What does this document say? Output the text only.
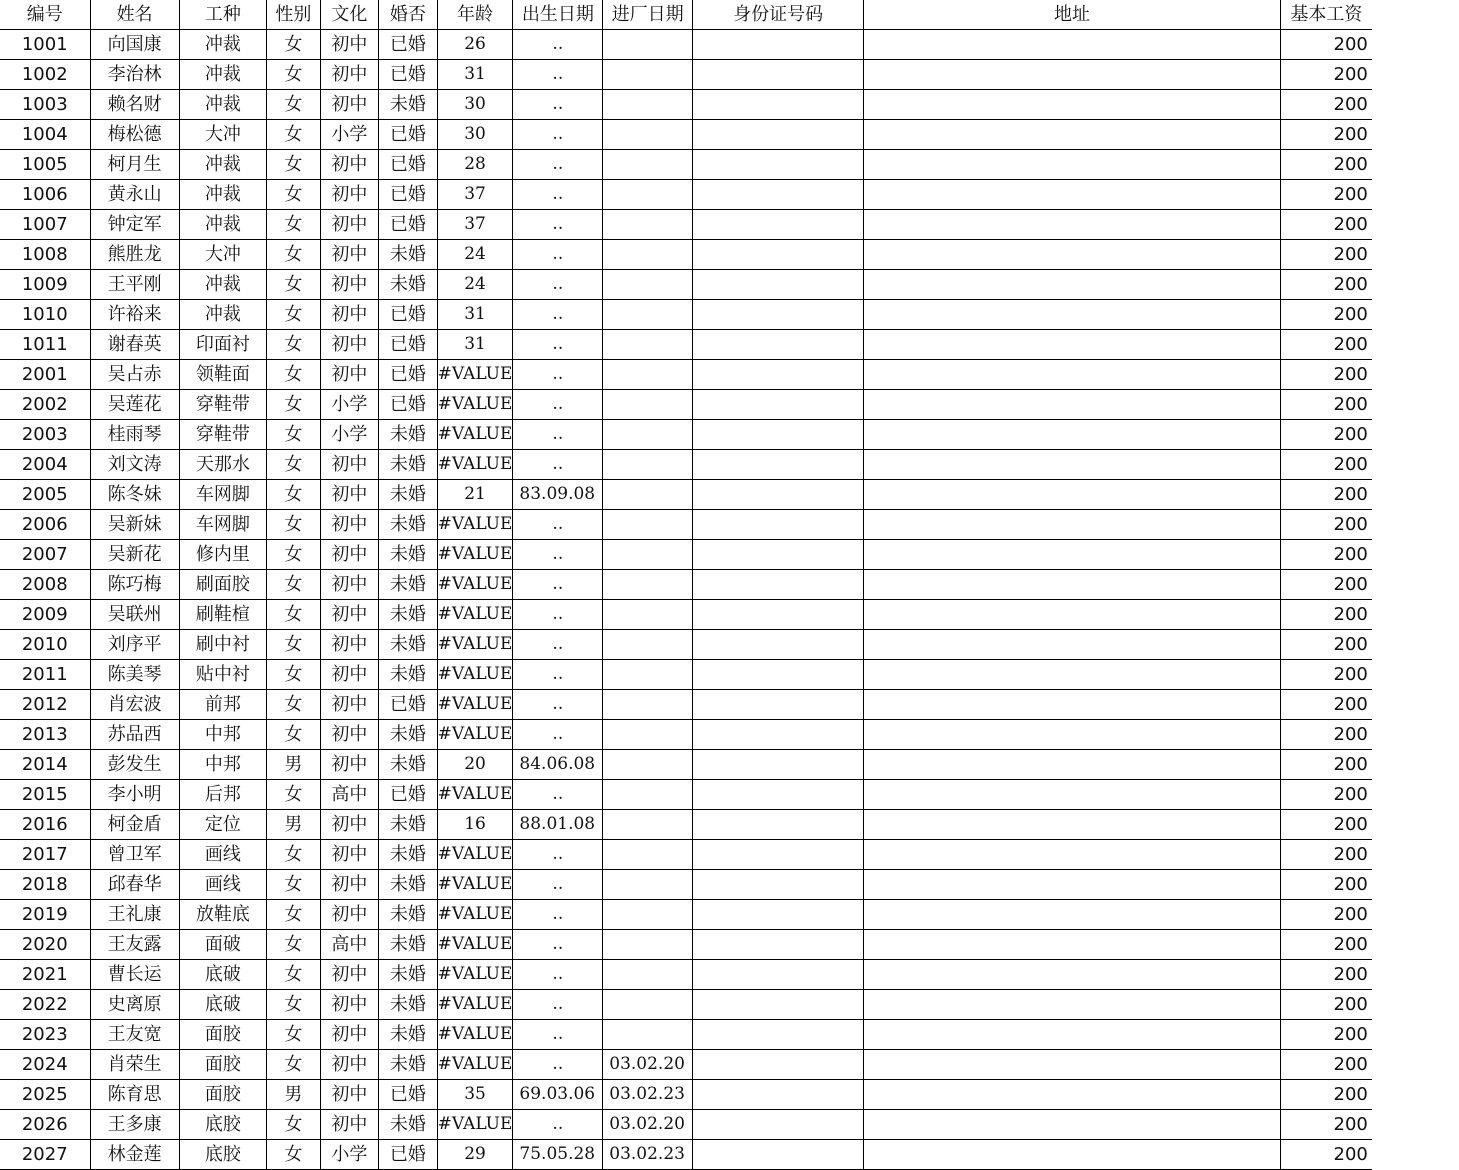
编号	姓名	工种	性别	文化	婚否	年龄	出生日期	进厂日期	身份证号码	地址	基本工资	
1001	向国康	冲裁	女	初中	已婚	26	..				200	
1002	李治林	冲裁	女	初中	已婚	31	..				200	
1003	赖名财	冲裁	女	初中	未婚	30	..				200	
1004	梅松德	大冲	女	小学	已婚	30	..				200	
1005	柯月生	冲裁	女	初中	已婚	28	..				200	
1006	黄永山	冲裁	女	初中	已婚	37	..				200	
1007	钟定军	冲裁	女	初中	已婚	37	..				200	
1008	熊胜龙	大冲	女	初中	未婚	24	..				200	
1009	王平刚	冲裁	女	初中	未婚	24	..				200	
1010	许裕来	冲裁	女	初中	已婚	31	..				200	
1011	谢春英	印面衬	女	初中	已婚	31	..				200	
2001	吴占赤	领鞋面	女	初中	已婚	#VALUE	..				200	
2002	吴莲花	穿鞋带	女	小学	已婚	#VALUE	..				200	
2003	桂雨琴	穿鞋带	女	小学	未婚	#VALUE	..				200	
2004	刘文涛	天那水	女	初中	未婚	#VALUE	..				200	
2005	陈冬妹	车网脚	女	初中	未婚	21	83.09.08				200	
2006	吴新妹	车网脚	女	初中	未婚	#VALUE	..				200	
2007	吴新花	修内里	女	初中	未婚	#VALUE	..				200	
2008	陈巧梅	刷面胶	女	初中	未婚	#VALUE	..				200	
2009	吴联州	刷鞋楦	女	初中	未婚	#VALUE	..				200	
2010	刘序平	刷中衬	女	初中	未婚	#VALUE	..				200	
2011	陈美琴	贴中衬	女	初中	未婚	#VALUE	..				200	
2012	肖宏波	前邦	女	初中	已婚	#VALUE	..				200	
2013	苏品西	中邦	女	初中	未婚	#VALUE	..				200	
2014	彭发生	中邦	男	初中	未婚	20	84.06.08				200	
2015	李小明	后邦	女	高中	已婚	#VALUE	..				200	
2016	柯金盾	定位	男	初中	未婚	16	88.01.08				200	
2017	曾卫军	画线	女	初中	未婚	#VALUE	..				200	
2018	邱春华	画线	女	初中	未婚	#VALUE	..				200	
2019	王礼康	放鞋底	女	初中	未婚	#VALUE	..				200	
2020	王友露	面破	女	高中	未婚	#VALUE	..				200	
2021	曹长运	底破	女	初中	未婚	#VALUE	..				200	
2022	史离原	底破	女	初中	未婚	#VALUE	..				200	
2023	王友宽	面胶	女	初中	未婚	#VALUE	..				200	
2024	肖荣生	面胶	女	初中	未婚	#VALUE	..	03.02.20			200	
2025	陈育思	面胶	男	初中	已婚	35	69.03.06	03.02.23			200	
2026	王多康	底胶	女	初中	未婚	#VALUE	..	03.02.20			200	
2027	林金莲	底胶	女	小学	已婚	29	75.05.28	03.02.23			200	
